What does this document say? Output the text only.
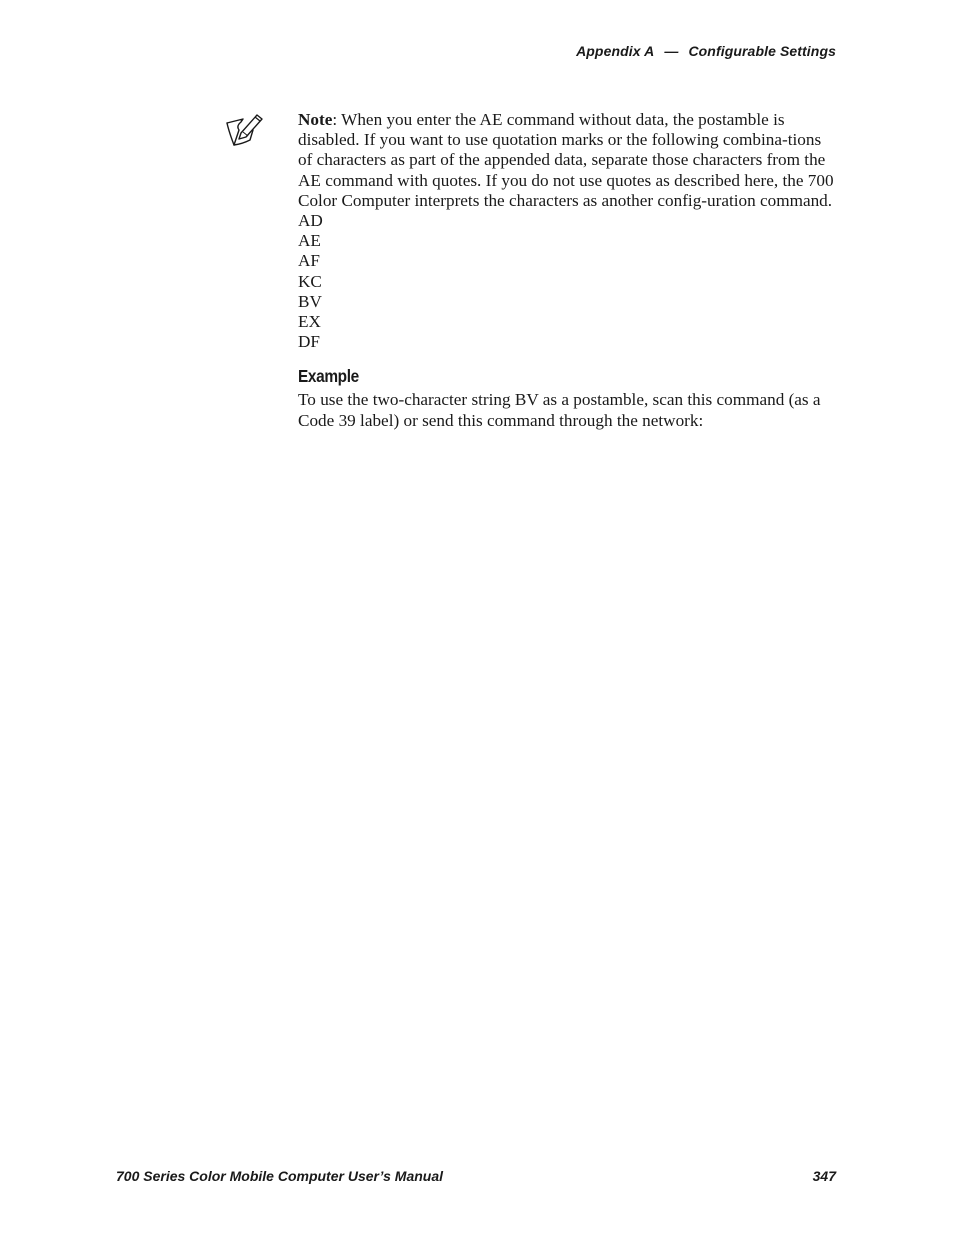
Appendix A — Configurable Settings

Note: When you enter the AE command without data, the postamble is disabled. If you want to use quotation marks or the following combina-tions of characters as part of the appended data, separate those characters from the AE command with quotes. If you do not use quotes as described here, the 700 Color Computer interprets the characters as another config-uration command.

AD
AE
AF
KC
BV
EX
DF
Example

To use the two-character string BV as a postamble, scan this command (as a Code 39 label) or send this command through the network:

700 Series Color Mobile Computer User’s Manual	347
